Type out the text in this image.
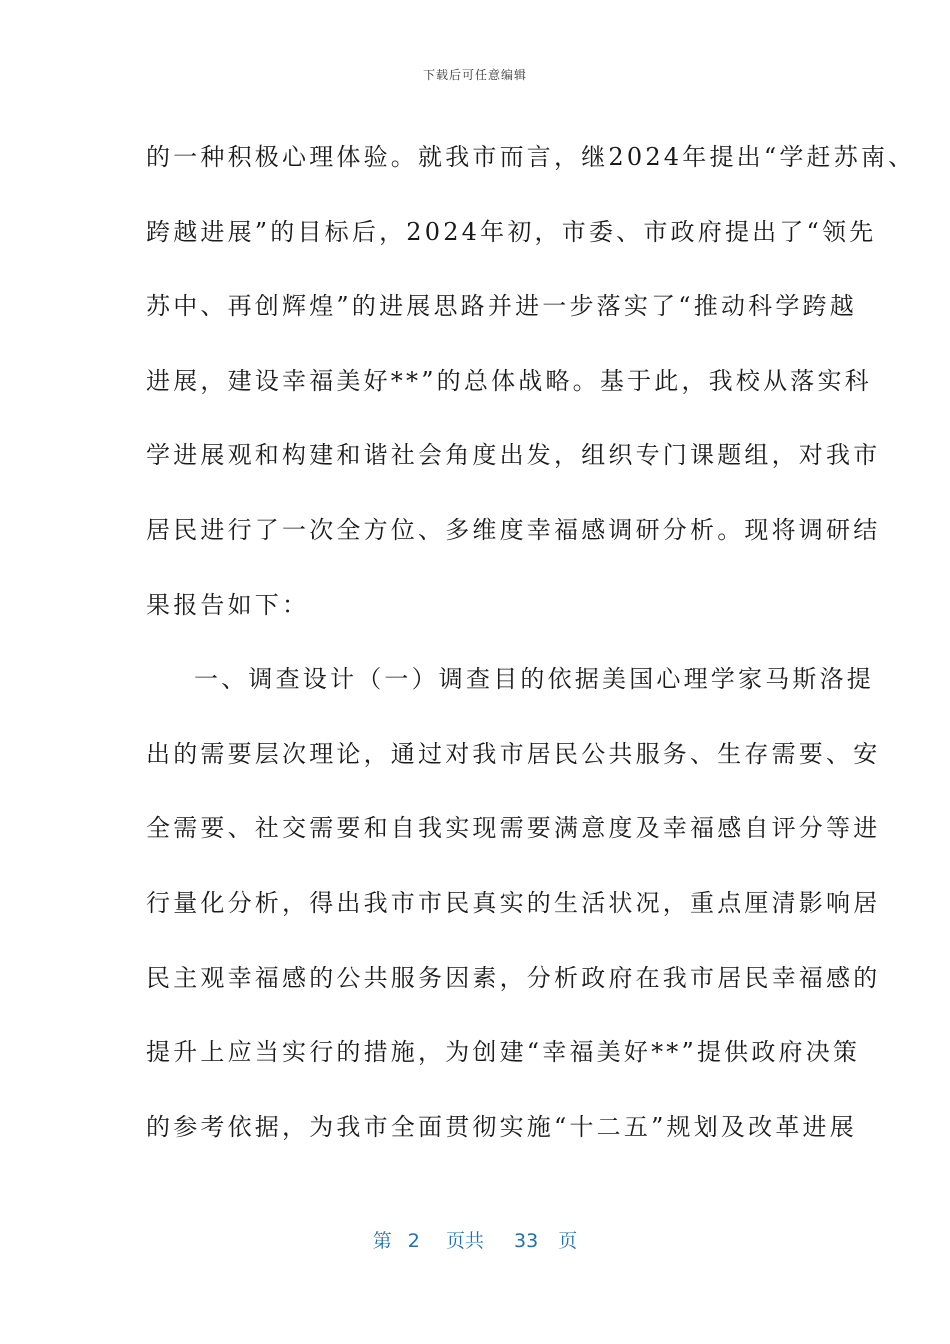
下载后可任意编辑
的一种积极心理体验。就我市而言，继2024年提出“学赶苏南、
跨越进展”的目标后，2024年初，市委、市政府提出了“领先
苏中、再创辉煌”的进展思路并进一步落实了“推动科学跨越
进展，建设幸福美好**”的总体战略。基于此，我校从落实科
学进展观和构建和谐社会角度出发，组织专门课题组，对我市
居民进行了一次全方位、多维度幸福感调研分析。现将调研结
果报告如下：
一、调查设计（一）调查目的依据美国心理学家马斯洛提
出的需要层次理论，通过对我市居民公共服务、生存需要、安
全需要、社交需要和自我实现需要满意度及幸福感自评分等进
行量化分析，得出我市市民真实的生活状况，重点厘清影响居
民主观幸福感的公共服务因素，分析政府在我市居民幸福感的
提升上应当实行的措施，为创建“幸福美好**”提供政府决策
的参考依据，为我市全面贯彻实施“十二五”规划及改革进展
第 2 页共 33 页
